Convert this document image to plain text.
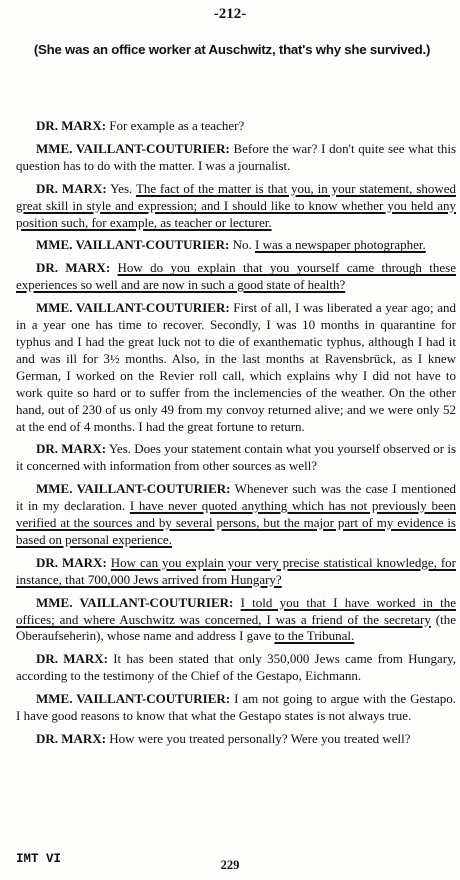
-212-
(She was an office worker at Auschwitz, that's why she survived.)

DR. MARX: For example as a teacher?

MME. VAILLANT-COUTURIER: Before the war? I don't quite see what this question has to do with the matter. I was a journalist.

DR. MARX: Yes. The fact of the matter is that you, in your statement, showed great skill in style and expression; and I should like to know whether you held any position such, for example, as teacher or lecturer.

MME. VAILLANT-COUTURIER: No. I was a newspaper photographer.

DR. MARX: How do you explain that you yourself came through these experiences so well and are now in such a good state of health?

MME. VAILLANT-COUTURIER: First of all, I was liberated a year ago; and in a year one has time to recover. Secondly, I was 10 months in quarantine for typhus and I had the great luck not to die of exanthematic typhus, although I had it and was ill for 3½ months. Also, in the last months at Ravensbrück, as I knew German, I worked on the Revier roll call, which explains why I did not have to work quite so hard or to suffer from the inclemencies of the weather. On the other hand, out of 230 of us only 49 from my convoy returned alive; and we were only 52 at the end of 4 months. I had the great fortune to return.

DR. MARX: Yes. Does your statement contain what you yourself observed or is it concerned with information from other sources as well?

MME. VAILLANT-COUTURIER: Whenever such was the case I mentioned it in my declaration. I have never quoted anything which has not previously been verified at the sources and by several persons, but the major part of my evidence is based on personal experience.

DR. MARX: How can you explain your very precise statistical knowledge, for instance, that 700,000 Jews arrived from Hungary?

MME. VAILLANT-COUTURIER: I told you that I have worked in the offices; and where Auschwitz was concerned, I was a friend of the secretary (the Oberaufseherin), whose name and address I gave to the Tribunal.

DR. MARX: It has been stated that only 350,000 Jews came from Hungary, according to the testimony of the Chief of the Gestapo, Eichmann.

MME. VAILLANT-COUTURIER: I am not going to argue with the Gestapo. I have good reasons to know that what the Gestapo states is not always true.

DR. MARX: How were you treated personally? Were you treated well?

IMT VI	229
